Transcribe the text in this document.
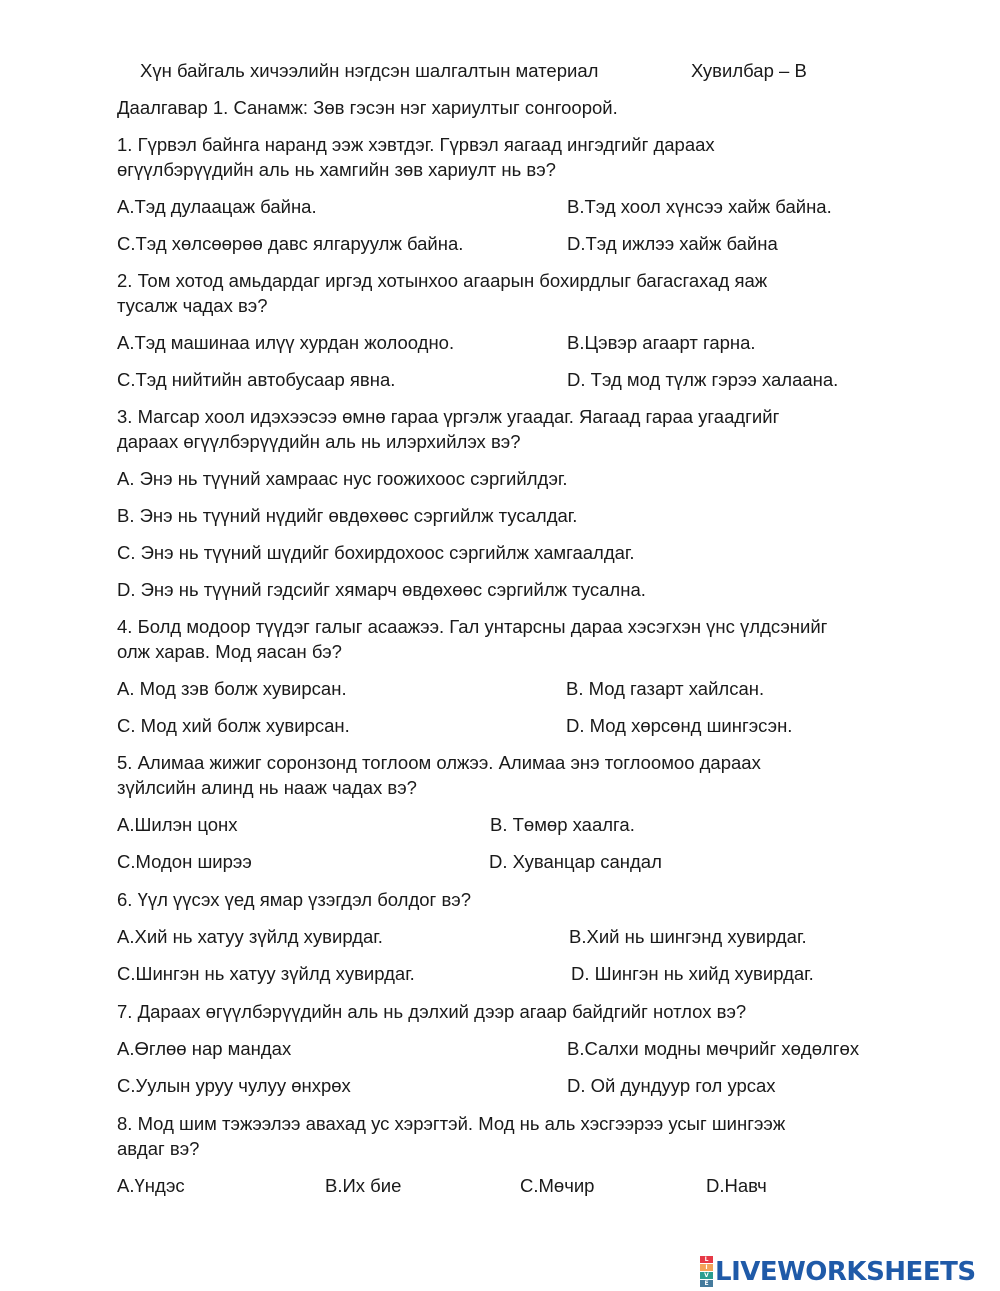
Хүн байгаль хичээлийн нэгдсэн шалгалтын материал	Хувилбар – В
Даалгавар 1. Санамж: Зөв гэсэн нэг хариултыг сонгоорой.
1. Гүрвэл байнга наранд ээж хэвтдэг. Гүрвэл яагаад ингэдгийг дараах
өгүүлбэрүүдийн аль нь хамгийн зөв хариулт нь вэ?
A.Тэд дулаацаж байна.	B.Тэд хоол хүнсээ хайж байна.
C.Тэд хөлсөөрөө давс ялгаруулж байна.	D.Тэд ижлээ хайж байна
2. Том хотод амьдардаг иргэд хотынхоо агаарын бохирдлыг багасгахад яаж
тусалж чадах вэ?
A.Тэд машинаа илүү хурдан жолоодно.	B.Цэвэр агаарт гарна.
C.Тэд нийтийн автобусаар явна.	D. Тэд мод түлж гэрээ халаана.
3. Магсар хоол идэхээсээ өмнө гараа үргэлж угаадаг. Яагаад гараа угаадгийг
дараах өгүүлбэрүүдийн аль нь илэрхийлэх вэ?
A. Энэ нь түүний хамраас нус гоожихоос сэргийлдэг.
B. Энэ нь түүний нүдийг өвдөхөөс сэргийлж тусалдаг.
C. Энэ нь түүний шүдийг бохирдохоос сэргийлж хамгаалдаг.
D. Энэ нь түүний гэдсийг хямарч өвдөхөөс сэргийлж тусална.
4. Болд модоор түүдэг галыг асаажээ. Гал унтарсны дараа хэсэгхэн үнс үлдсэнийг
олж харав. Мод яасан бэ?
A. Мод зэв болж хувирсан.	B. Мод газарт хайлсан.
C. Мод хий болж хувирсан.	D. Мод хөрсөнд шингэсэн.
5. Алимаа жижиг соронзонд тоглоом олжээ. Алимаа энэ тоглоомоо дараах
зүйлсийн алинд нь нааж чадах вэ?
A.Шилэн цонх	B. Төмөр хаалга.
C.Модон ширээ	D. Хуванцар сандал
6. Үүл үүсэх үед ямар үзэгдэл болдог вэ?
A.Хий нь хатуу зүйлд хувирдаг.	B.Хий нь шингэнд хувирдаг.
C.Шингэн нь хатуу зүйлд хувирдаг.	D. Шингэн нь хийд хувирдаг.
7. Дараах өгүүлбэрүүдийн аль нь дэлхий дээр агаар байдгийг нотлох вэ?
A.Өглөө нар мандах	B.Салхи модны мөчрийг хөдөлгөх
C.Уулын уруу чулуу өнхрөх	D. Ой дундуур гол урсах
8. Мод шим тэжээлээ авахад ус хэрэгтэй. Мод нь аль хэсгээрээ усыг шингээж
авдаг вэ?
A.Үндэс	B.Их бие	C.Мөчир	D.Навч
L
I
V
E LIVEWORKSHEETS
